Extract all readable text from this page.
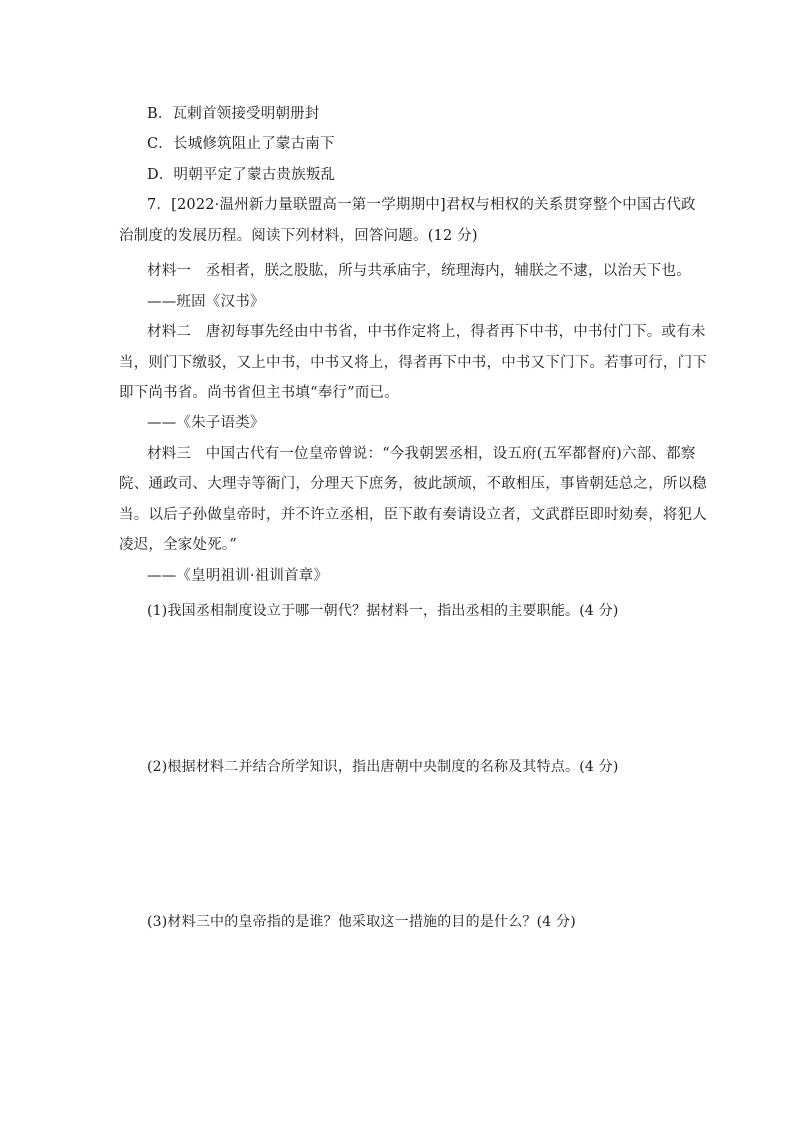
B．瓦剌首领接受明朝册封
C．长城修筑阻止了蒙古南下
D．明朝平定了蒙古贵族叛乱
7．[2022·温州新力量联盟高一第一学期期中]君权与相权的关系贯穿整个中国古代政
治制度的发展历程。阅读下列材料，回答问题。(12 分)
材料一　丞相者，朕之股肱，所与共承庙宇，统理海内，辅朕之不逮，以治天下也。
——班固《汉书》
材料二　唐初每事先经由中书省，中书作定将上，得者再下中书，中书付门下。或有未
当，则门下缴驳，又上中书，中书又将上，得者再下中书，中书又下门下。若事可行，门下
即下尚书省。尚书省但主书填“奉行”而已。
——《朱子语类》
材料三　中国古代有一位皇帝曾说：“今我朝罢丞相，设五府(五军都督府)六部、都察
院、通政司、大理寺等衙门，分理天下庶务，彼此颉颃，不敢相压，事皆朝廷总之，所以稳
当。以后子孙做皇帝时，并不许立丞相，臣下敢有奏请设立者，文武群臣即时劾奏，将犯人
凌迟，全家处死。”
——《皇明祖训·祖训首章》
(1)我国丞相制度设立于哪一朝代？据材料一，指出丞相的主要职能。(4 分)
(2)根据材料二并结合所学知识，指出唐朝中央制度的名称及其特点。(4 分)
(3)材料三中的皇帝指的是谁？他采取这一措施的目的是什么？(4 分)
